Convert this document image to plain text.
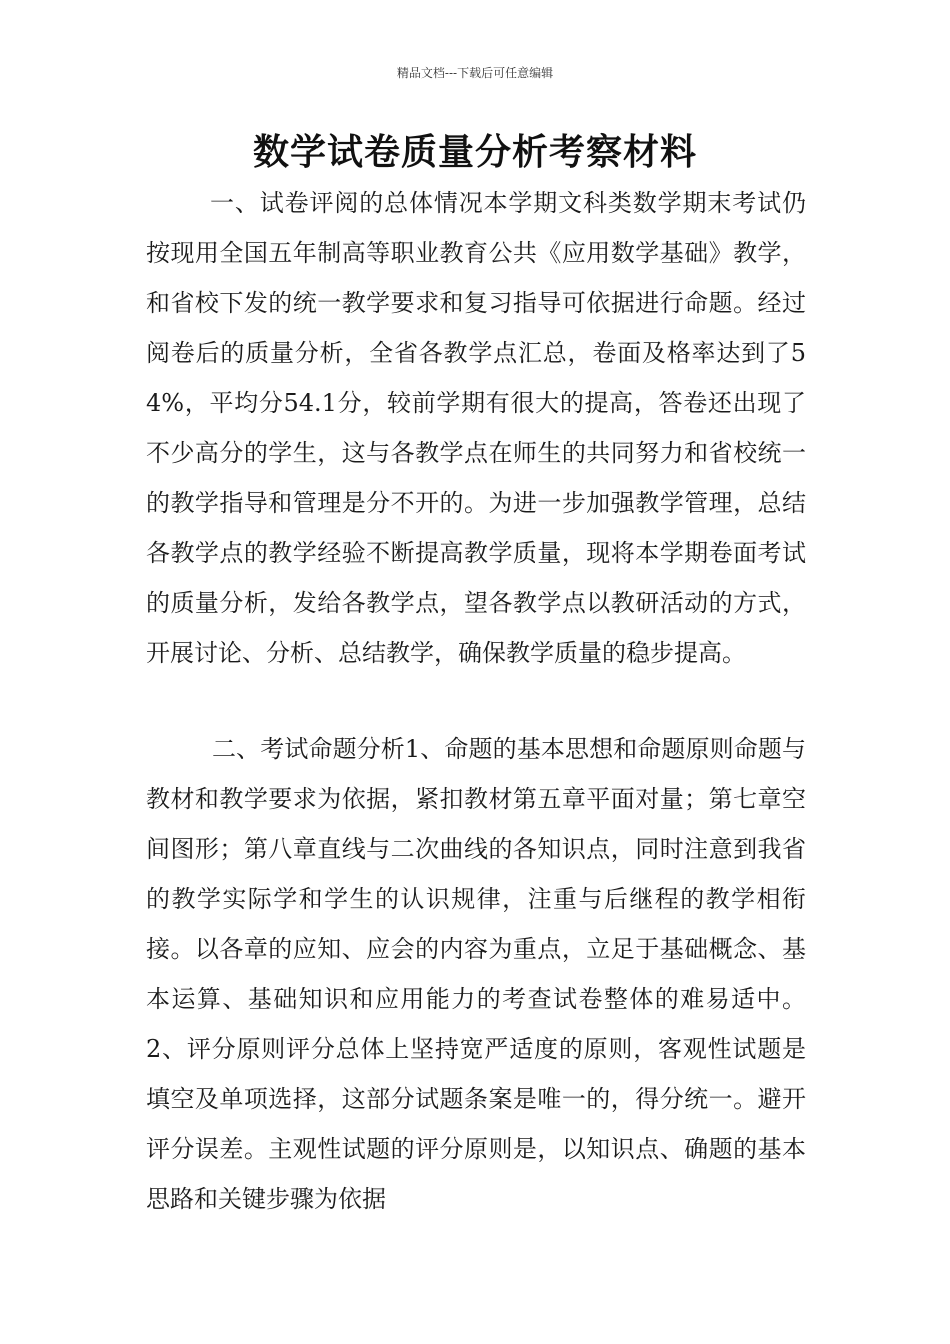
精品文档---下载后可任意编辑
数学试卷质量分析考察材料

一、试卷评阅的总体情况本学期文科类数学期末考试仍按现用全国五年制高等职业教育公共《应用数学基础》教学，和省校下发的统一教学要求和复习指导可依据进行命题。经过阅卷后的质量分析，全省各教学点汇总，卷面及格率达到了54%，平均分54.1分，较前学期有很大的提高，答卷还出现了不少高分的学生，这与各教学点在师生的共同努力和省校统一的教学指导和管理是分不开的。为进一步加强教学管理，总结各教学点的教学经验不断提高教学质量，现将本学期卷面考试的质量分析，发给各教学点，望各教学点以教研活动的方式，开展讨论、分析、总结教学，确保教学质量的稳步提高。

二、考试命题分析1、命题的基本思想和命题原则命题与教材和教学要求为依据，紧扣教材第五章平面对量；第七章空间图形；第八章直线与二次曲线的各知识点，同时注意到我省的教学实际学和学生的认识规律，注重与后继程的教学相衔接。以各章的应知、应会的内容为重点，立足于基础概念、基本运算、基础知识和应用能力的考查试卷整体的难易适中。2、评分原则评分总体上坚持宽严适度的原则，客观性试题是填空及单项选择，这部分试题条案是唯一的，得分统一。避开评分误差。主观性试题的评分原则是，以知识点、确题的基本思路和关键步骤为依据
